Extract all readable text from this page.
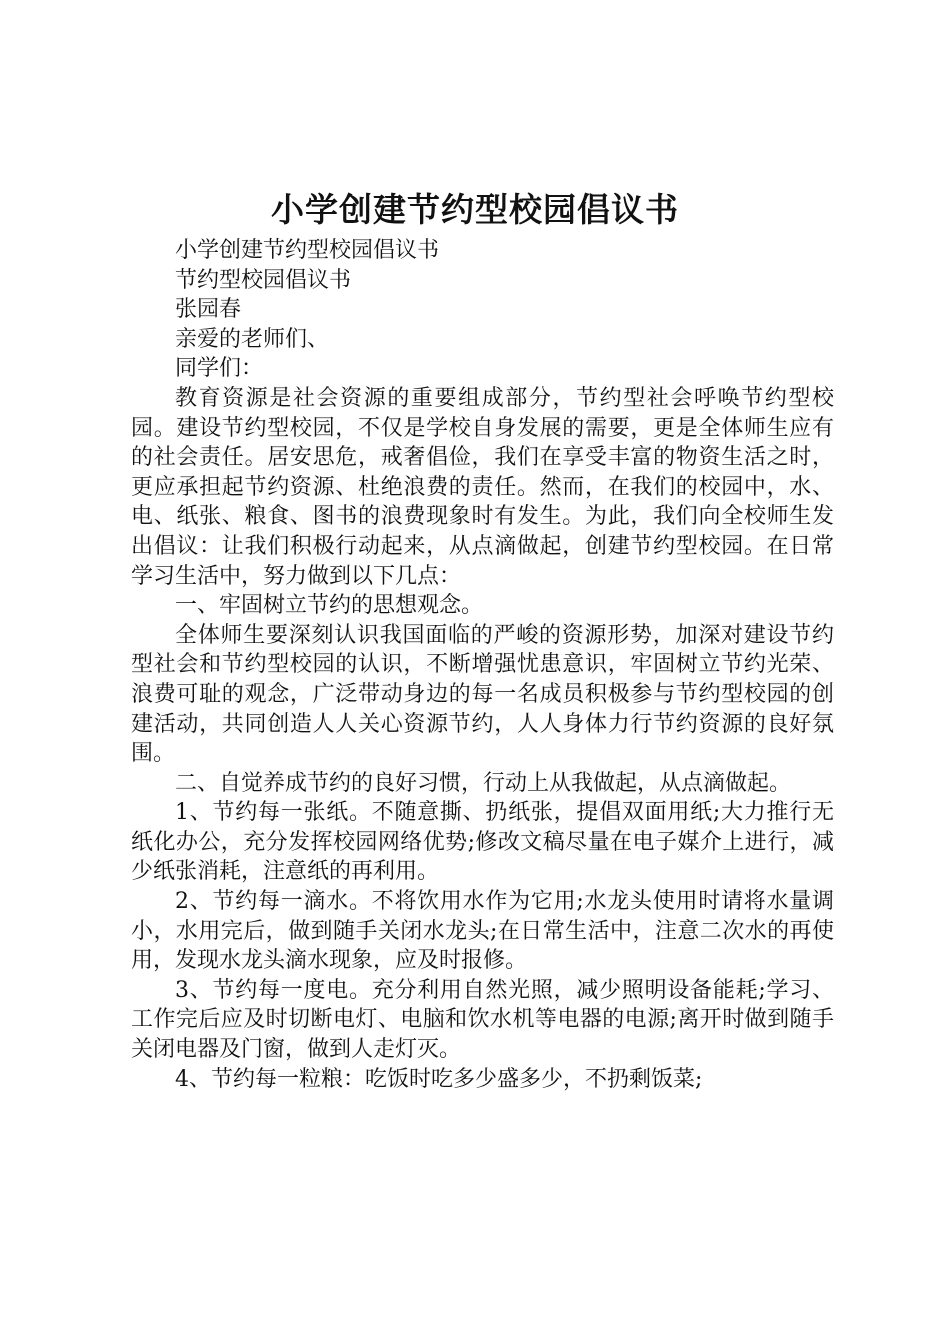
小学创建节约型校园倡议书

小学创建节约型校园倡议书

节约型校园倡议书

张园春

亲爱的老师们、

同学们：

教育资源是社会资源的重要组成部分，节约型社会呼唤节约型校园。建设节约型校园，不仅是学校自身发展的需要，更是全体师生应有的社会责任。居安思危，戒奢倡俭，我们在享受丰富的物资生活之时，更应承担起节约资源、杜绝浪费的责任。然而，在我们的校园中，水、电、纸张、粮食、图书的浪费现象时有发生。为此，我们向全校师生发出倡议：让我们积极行动起来，从点滴做起，创建节约型校园。在日常学习生活中，努力做到以下几点：

一、牢固树立节约的思想观念。

全体师生要深刻认识我国面临的严峻的资源形势，加深对建设节约型社会和节约型校园的认识，不断增强忧患意识，牢固树立节约光荣、浪费可耻的观念，广泛带动身边的每一名成员积极参与节约型校园的创建活动，共同创造人人关心资源节约，人人身体力行节约资源的良好氛围。

二、自觉养成节约的良好习惯，行动上从我做起，从点滴做起。

1、节约每一张纸。不随意撕、扔纸张，提倡双面用纸;大力推行无纸化办公，充分发挥校园网络优势;修改文稿尽量在电子媒介上进行，减少纸张消耗，注意纸的再利用。

2、节约每一滴水。不将饮用水作为它用;水龙头使用时请将水量调小，水用完后，做到随手关闭水龙头;在日常生活中，注意二次水的再使用，发现水龙头滴水现象，应及时报修。

3、节约每一度电。充分利用自然光照，减少照明设备能耗;学习、工作完后应及时切断电灯、电脑和饮水机等电器的电源;离开时做到随手关闭电器及门窗，做到人走灯灭。

4、节约每一粒粮：吃饭时吃多少盛多少，不扔剩饭菜;
